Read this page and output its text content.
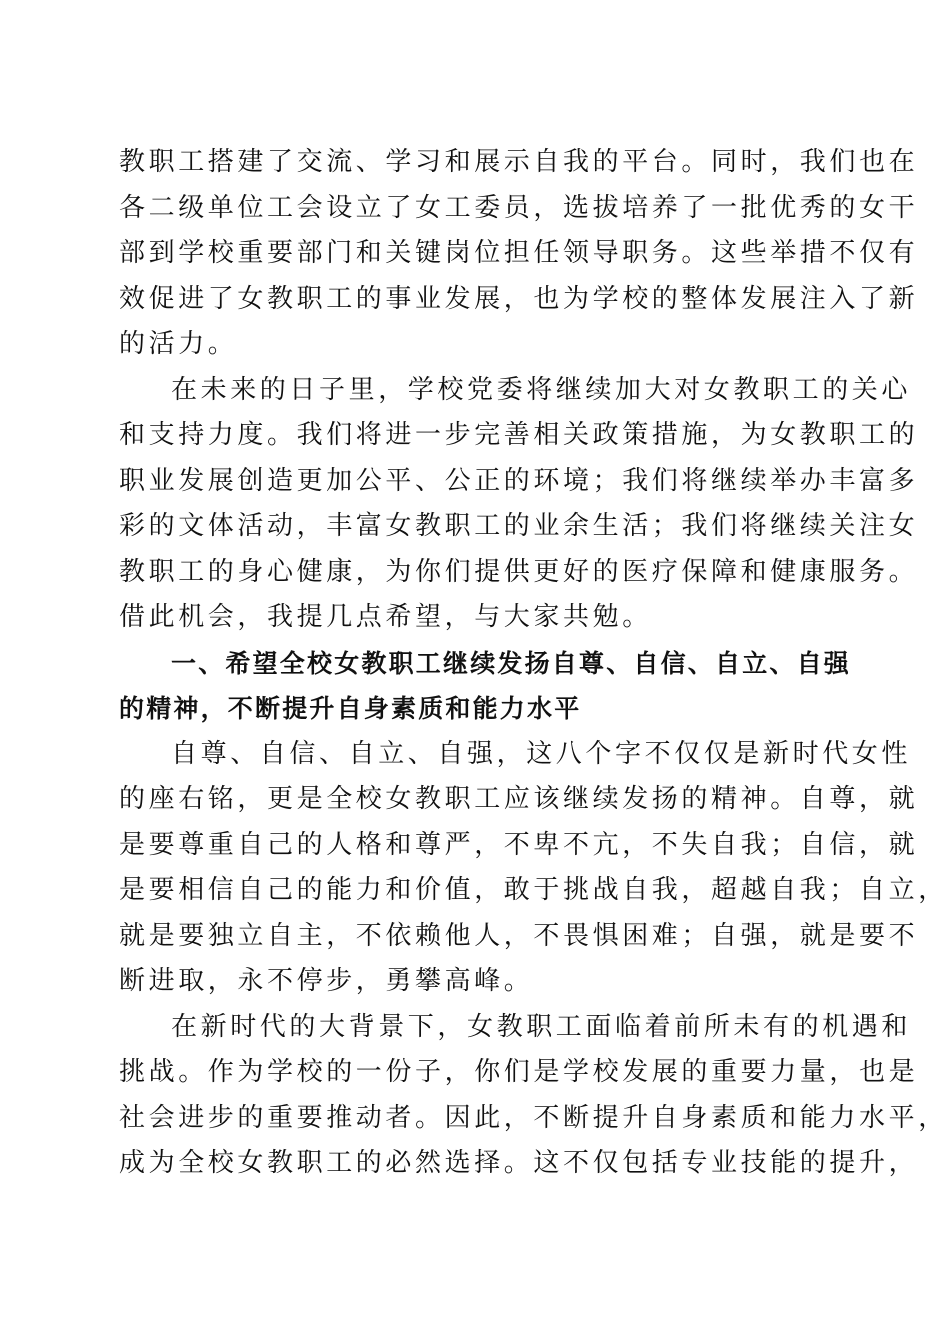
教职工搭建了交流、学习和展示自我的平台。同时，我们也在
各二级单位工会设立了女工委员，选拔培养了一批优秀的女干
部到学校重要部门和关键岗位担任领导职务。这些举措不仅有
效促进了女教职工的事业发展，也为学校的整体发展注入了新
的活力。
在未来的日子里，学校党委将继续加大对女教职工的关心
和支持力度。我们将进一步完善相关政策措施，为女教职工的
职业发展创造更加公平、公正的环境；我们将继续举办丰富多
彩的文体活动，丰富女教职工的业余生活；我们将继续关注女
教职工的身心健康，为你们提供更好的医疗保障和健康服务。
借此机会，我提几点希望，与大家共勉。
一、希望全校女教职工继续发扬自尊、自信、自立、自强
的精神，不断提升自身素质和能力水平
自尊、自信、自立、自强，这八个字不仅仅是新时代女性
的座右铭，更是全校女教职工应该继续发扬的精神。自尊，就
是要尊重自己的人格和尊严，不卑不亢，不失自我；自信，就
是要相信自己的能力和价值，敢于挑战自我，超越自我；自立，
就是要独立自主，不依赖他人，不畏惧困难；自强，就是要不
断进取，永不停步，勇攀高峰。
在新时代的大背景下，女教职工面临着前所未有的机遇和
挑战。作为学校的一份子，你们是学校发展的重要力量，也是
社会进步的重要推动者。因此，不断提升自身素质和能力水平，
成为全校女教职工的必然选择。这不仅包括专业技能的提升，
